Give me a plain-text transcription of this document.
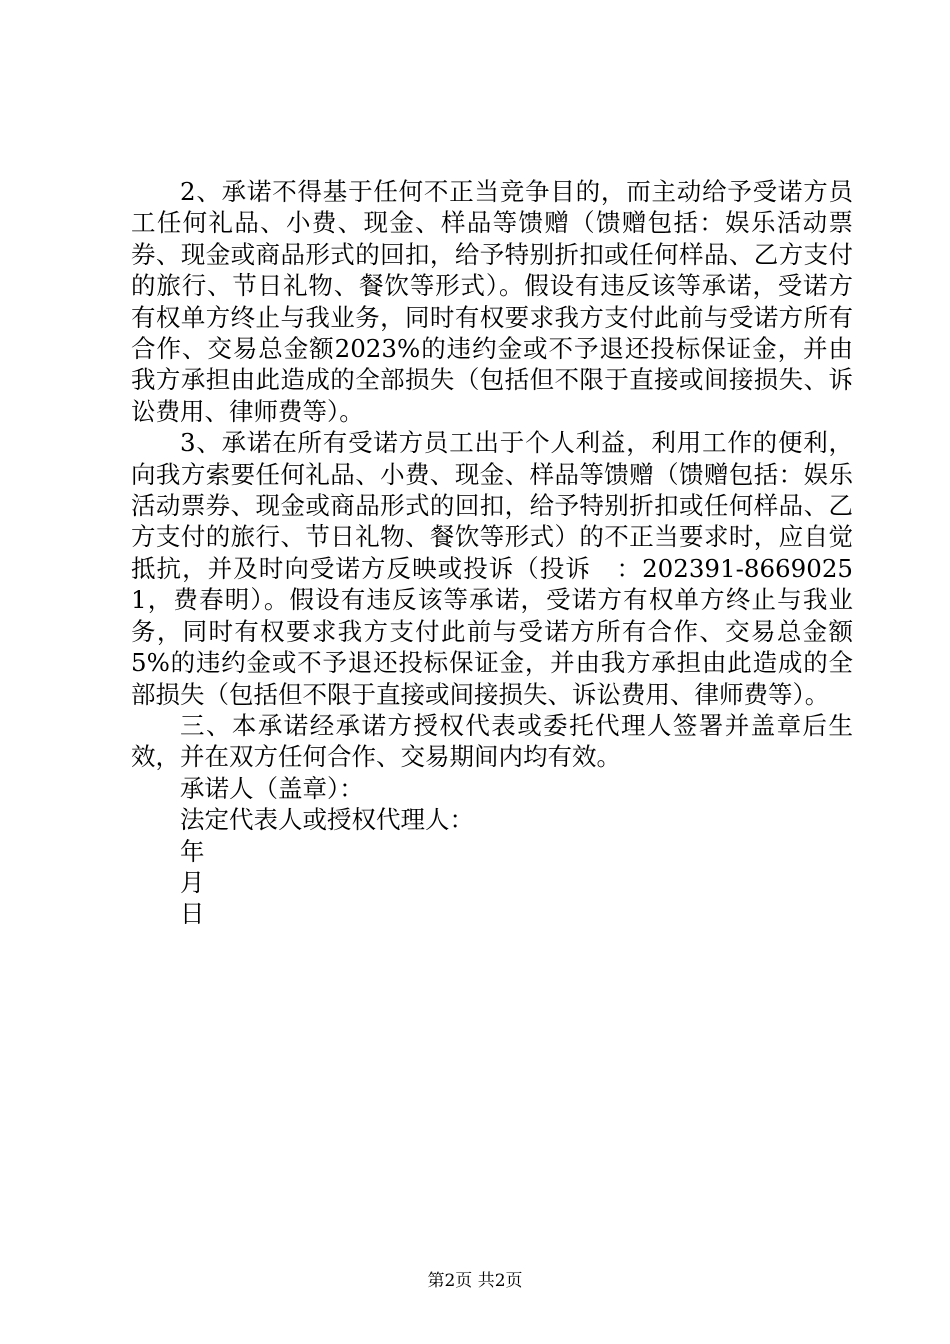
2、承诺不得基于任何不正当竞争目的，而主动给予受诺方员工任何礼品、小费、现金、样品等馈赠（馈赠包括：娱乐活动票券、现金或商品形式的回扣，给予特别折扣或任何样品、乙方支付的旅行、节日礼物、餐饮等形式）。假设有违反该等承诺，受诺方有权单方终止与我业务，同时有权要求我方支付此前与受诺方所有合作、交易总金额2023%的违约金或不予退还投标保证金，并由我方承担由此造成的全部损失（包括但不限于直接或间接损失、诉讼费用、律师费等）。

3、承诺在所有受诺方员工出于个人利益，利用工作的便利，向我方索要任何礼品、小费、现金、样品等馈赠（馈赠包括：娱乐活动票券、现金或商品形式的回扣，给予特别折扣或任何样品、乙方支付的旅行、节日礼物、餐饮等形式）的不正当要求时，应自觉抵抗，并及时向受诺方反映或投诉（投诉　：202391-86690251，费春明）。假设有违反该等承诺，受诺方有权单方终止与我业务，同时有权要求我方支付此前与受诺方所有合作、交易总金额5%的违约金或不予退还投标保证金，并由我方承担由此造成的全部损失（包括但不限于直接或间接损失、诉讼费用、律师费等）。

三、本承诺经承诺方授权代表或委托代理人签署并盖章后生效，并在双方任何合作、交易期间内均有效。

承诺人（盖章）：

法定代表人或授权代理人：

年

月

日

第2页 共2页
